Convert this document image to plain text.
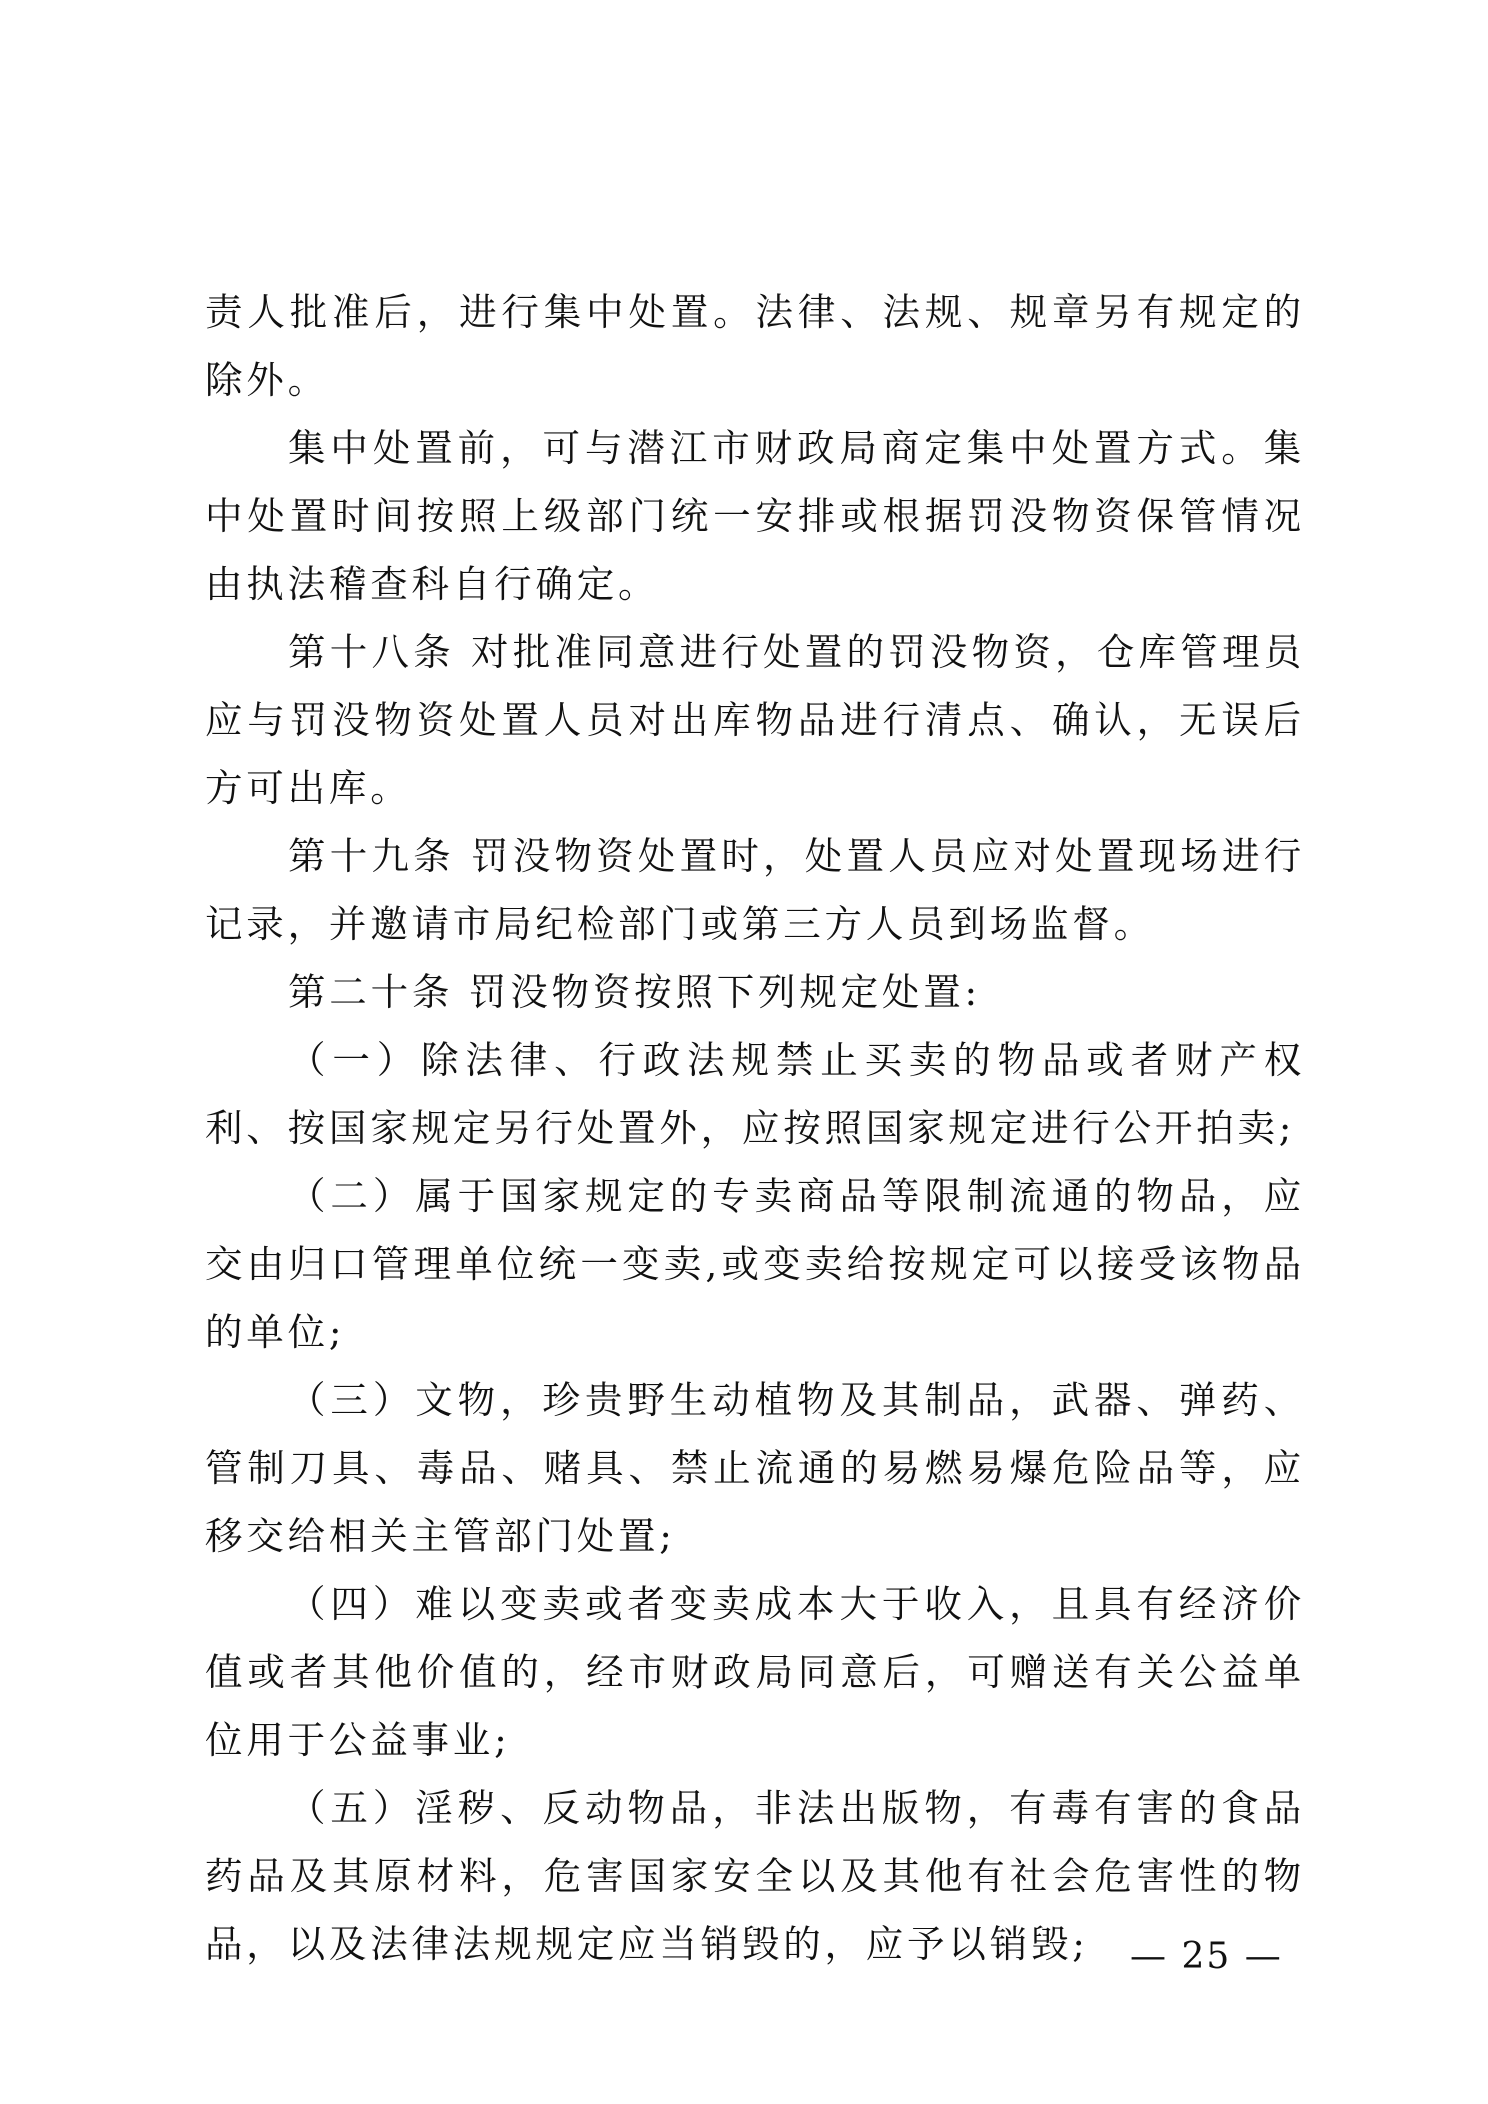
责人批准后，进行集中处置。法律、法规、规章另有规定的除外。

集中处置前，可与潜江市财政局商定集中处置方式。集中处置时间按照上级部门统一安排或根据罚没物资保管情况由执法稽查科自行确定。

第十八条 对批准同意进行处置的罚没物资，仓库管理员应与罚没物资处置人员对出库物品进行清点、确认，无误后方可出库。

第十九条 罚没物资处置时，处置人员应对处置现场进行记录，并邀请市局纪检部门或第三方人员到场监督。

第二十条 罚没物资按照下列规定处置:

（一）除法律、行政法规禁止买卖的物品或者财产权利、按国家规定另行处置外，应按照国家规定进行公开拍卖;

（二）属于国家规定的专卖商品等限制流通的物品，应交由归口管理单位统一变卖,或变卖给按规定可以接受该物品的单位;

（三）文物，珍贵野生动植物及其制品，武器、弹药、管制刀具、毒品、赌具、禁止流通的易燃易爆危险品等，应移交给相关主管部门处置;

（四）难以变卖或者变卖成本大于收入，且具有经济价值或者其他价值的，经市财政局同意后，可赠送有关公益单位用于公益事业;

（五）淫秽、反动物品，非法出版物，有毒有害的食品药品及其原材料，危害国家安全以及其他有社会危害性的物品，以及法律法规规定应当销毁的，应予以销毁;	— 25 —
